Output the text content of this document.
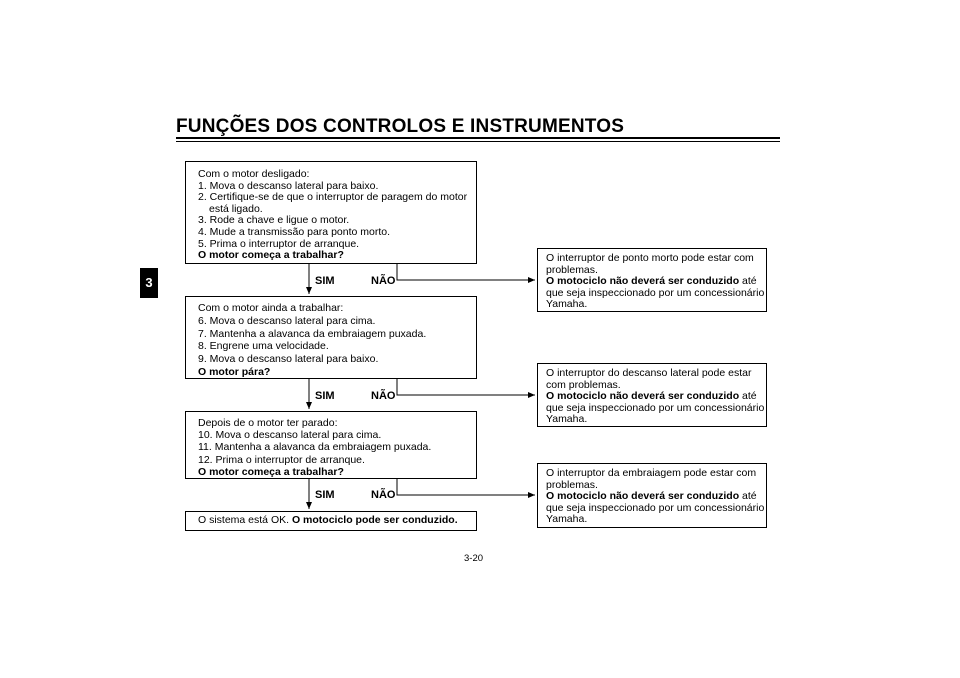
FUNÇÕES DOS CONTROLOS E INSTRUMENTOS
3
Com o motor desligado:
1. Mova o descanso lateral para baixo.
2. Certifique-se de que o interruptor de paragem do motor
está ligado.
3. Rode a chave e ligue o motor.
4. Mude a transmissão para ponto morto.
5. Prima o interruptor de arranque.
O motor começa a trabalhar?
Com o motor ainda a trabalhar:
6. Mova o descanso lateral para cima.
7. Mantenha a alavanca da embraiagem puxada.
8. Engrene uma velocidade.
9. Mova o descanso lateral para baixo.
O motor pára?
Depois de o motor ter parado:
10. Mova o descanso lateral para cima.
11. Mantenha a alavanca da embraiagem puxada.
12. Prima o interruptor de arranque.
O motor começa a trabalhar?
O sistema está OK. O motociclo pode ser conduzido.
SIM	NÃO
SIM	NÃO
SIM	NÃO
O interruptor de ponto morto pode estar com
problemas.
O motociclo não deverá ser conduzido até
que seja inspeccionado por um concessionário
Yamaha.
O interruptor do descanso lateral pode estar
com problemas.
O motociclo não deverá ser conduzido até
que seja inspeccionado por um concessionário
Yamaha.
O interruptor da embraiagem pode estar com
problemas.
O motociclo não deverá ser conduzido até
que seja inspeccionado por um concessionário
Yamaha.
3-20
